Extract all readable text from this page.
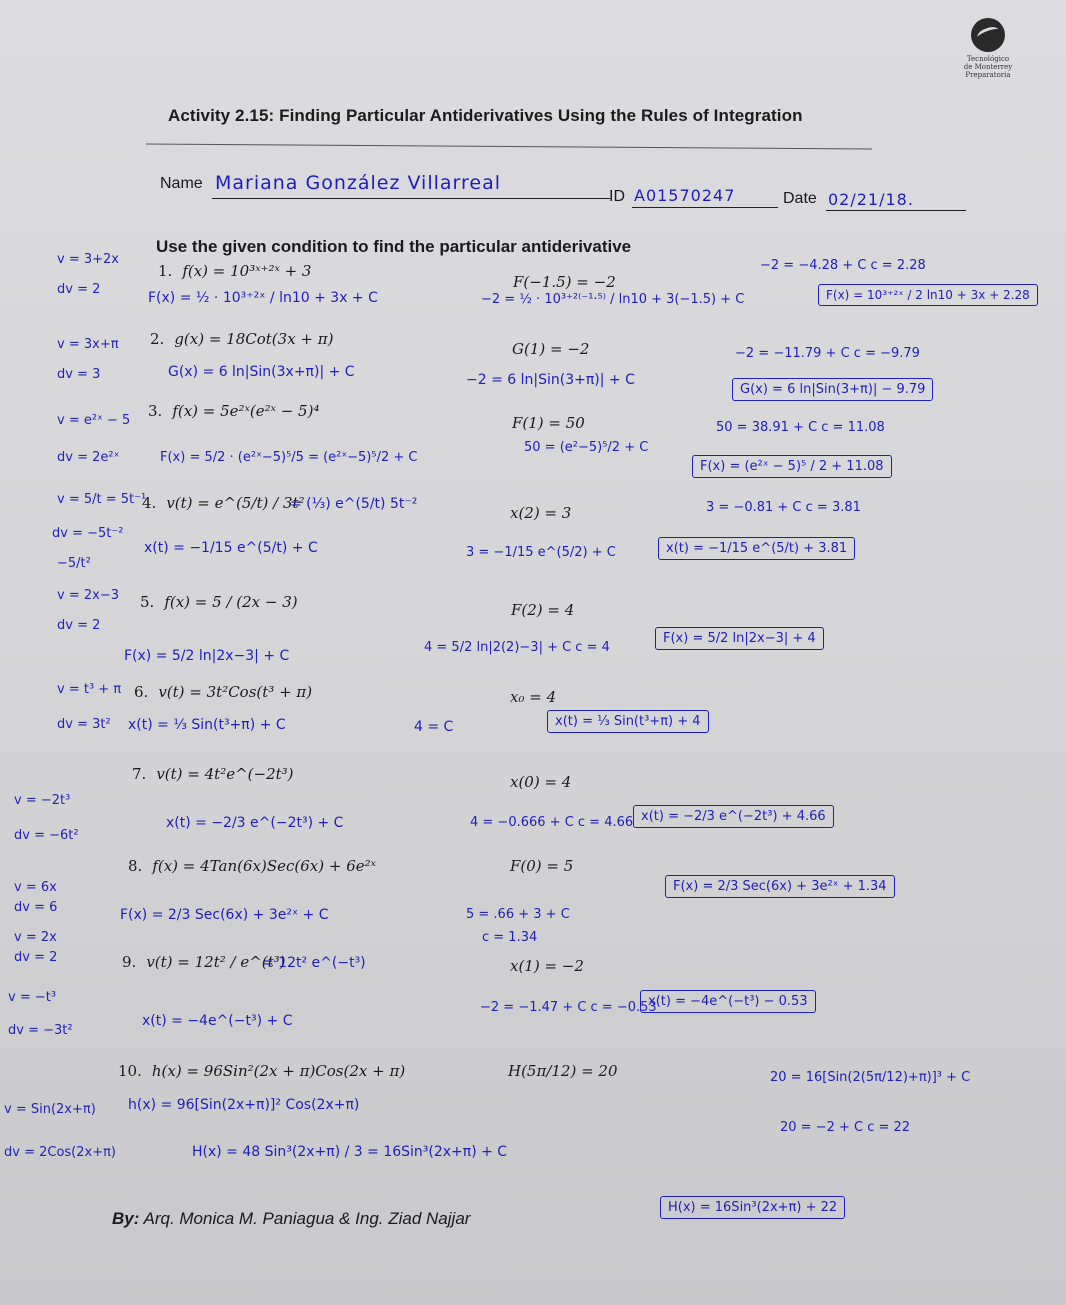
Tecnológico
de Monterrey
Preparatoria
Activity 2.15: Finding Particular Antiderivatives Using the Rules of Integration
Name Mariana González Villarreal
ID A01570247	Date 02/21/18.
Use the given condition to find the particular antiderivative
1. f(x) = 10³ˣ⁺²ˣ + 3
F(−1.5) = −2
v = 3+2x
dv = 2
F(x) = ½ · 10³⁺²ˣ / ln10 + 3x + C	−2 = ½ · 10³⁺²⁽⁻¹·⁵⁾ / ln10 + 3(−1.5) + C
−2 = −4.28 + C c = 2.28
F(x) = 10³⁺²ˣ / 2 ln10 + 3x + 2.28
2. g(x) = 18Cot(3x + π)
G(1) = −2
v = 3x+π
dv = 3	G(x) = 6 ln|Sin(3x+π)| + C	−2 = 6 ln|Sin(3+π)| + C
−2 = −11.79 + C c = −9.79
G(x) = 6 ln|Sin(3+π)| − 9.79
3. f(x) = 5e²ˣ(e²ˣ − 5)⁴
F(1) = 50
v = e²ˣ − 5
dv = 2e²ˣ	F(x) = 5/2 · (e²ˣ−5)⁵/5 = (e²ˣ−5)⁵/2 + C
50 = (e²−5)⁵/2 + C
50 = 38.91 + C c = 11.08
F(x) = (e²ˣ − 5)⁵ / 2 + 11.08
4. v(t) = e^(5/t) / 3t²
x(2) = 3
v = 5/t = 5t⁻¹
dv = −5t⁻²
−5/t²
= (⅓) e^(5/t) 5t⁻²
x(t) = −1/15 e^(5/t) + C	3 = −1/15 e^(5/2) + C
3 = −0.81 + C c = 3.81
x(t) = −1/15 e^(5/t) + 3.81
5. f(x) = 5 / (2x − 3)	F(2) = 4
v = 2x−3
dv = 2
F(x) = 5/2 ln|2x−3| + C
4 = 5/2 ln|2(2)−3| + C c = 4
F(x) = 5/2 ln|2x−3| + 4
6. v(t) = 3t²Cos(t³ + π)	x₀ = 4
v = t³ + π
dv = 3t² x(t) = ⅓ Sin(t³+π) + C	4 = C	x(t) = ⅓ Sin(t³+π) + 4
7. v(t) = 4t²e^(−2t³)	x(0) = 4
v = −2t³
dv = −6t²
x(t) = −2/3 e^(−2t³) + C	4 = −0.666 + C c = 4.66 x(t) = −2/3 e^(−2t³) + 4.66
8. f(x) = 4Tan(6x)Sec(6x) + 6e²ˣ	F(0) = 5
v = 6x
dv = 6
v = 2x
dv = 2
F(x) = 2/3 Sec(6x) + 3e²ˣ + C	5 = .66 + 3 + C
c = 1.34
F(x) = 2/3 Sec(6x) + 3e²ˣ + 1.34
9. v(t) = 12t² / e^(t³)	x(1) = −2
v = −t³
dv = −3t²
= 12t² e^(−t³)
x(t) = −4e^(−t³) + C
−2 = −1.47 + C c = −0.53
x(t) = −4e^(−t³) − 0.53
10. h(x) = 96Sin²(2x + π)Cos(2x + π)	H(5π/12) = 20
v = Sin(2x+π)
dv = 2Cos(2x+π)
h(x) = 96[Sin(2x+π)]² Cos(2x+π)
H(x) = 48 Sin³(2x+π) / 3 = 16Sin³(2x+π) + C
20 = 16[Sin(2(5π/12)+π)]³ + C
20 = −2 + C c = 22
H(x) = 16Sin³(2x+π) + 22
By: Arq. Monica M. Paniagua & Ing. Ziad Najjar
